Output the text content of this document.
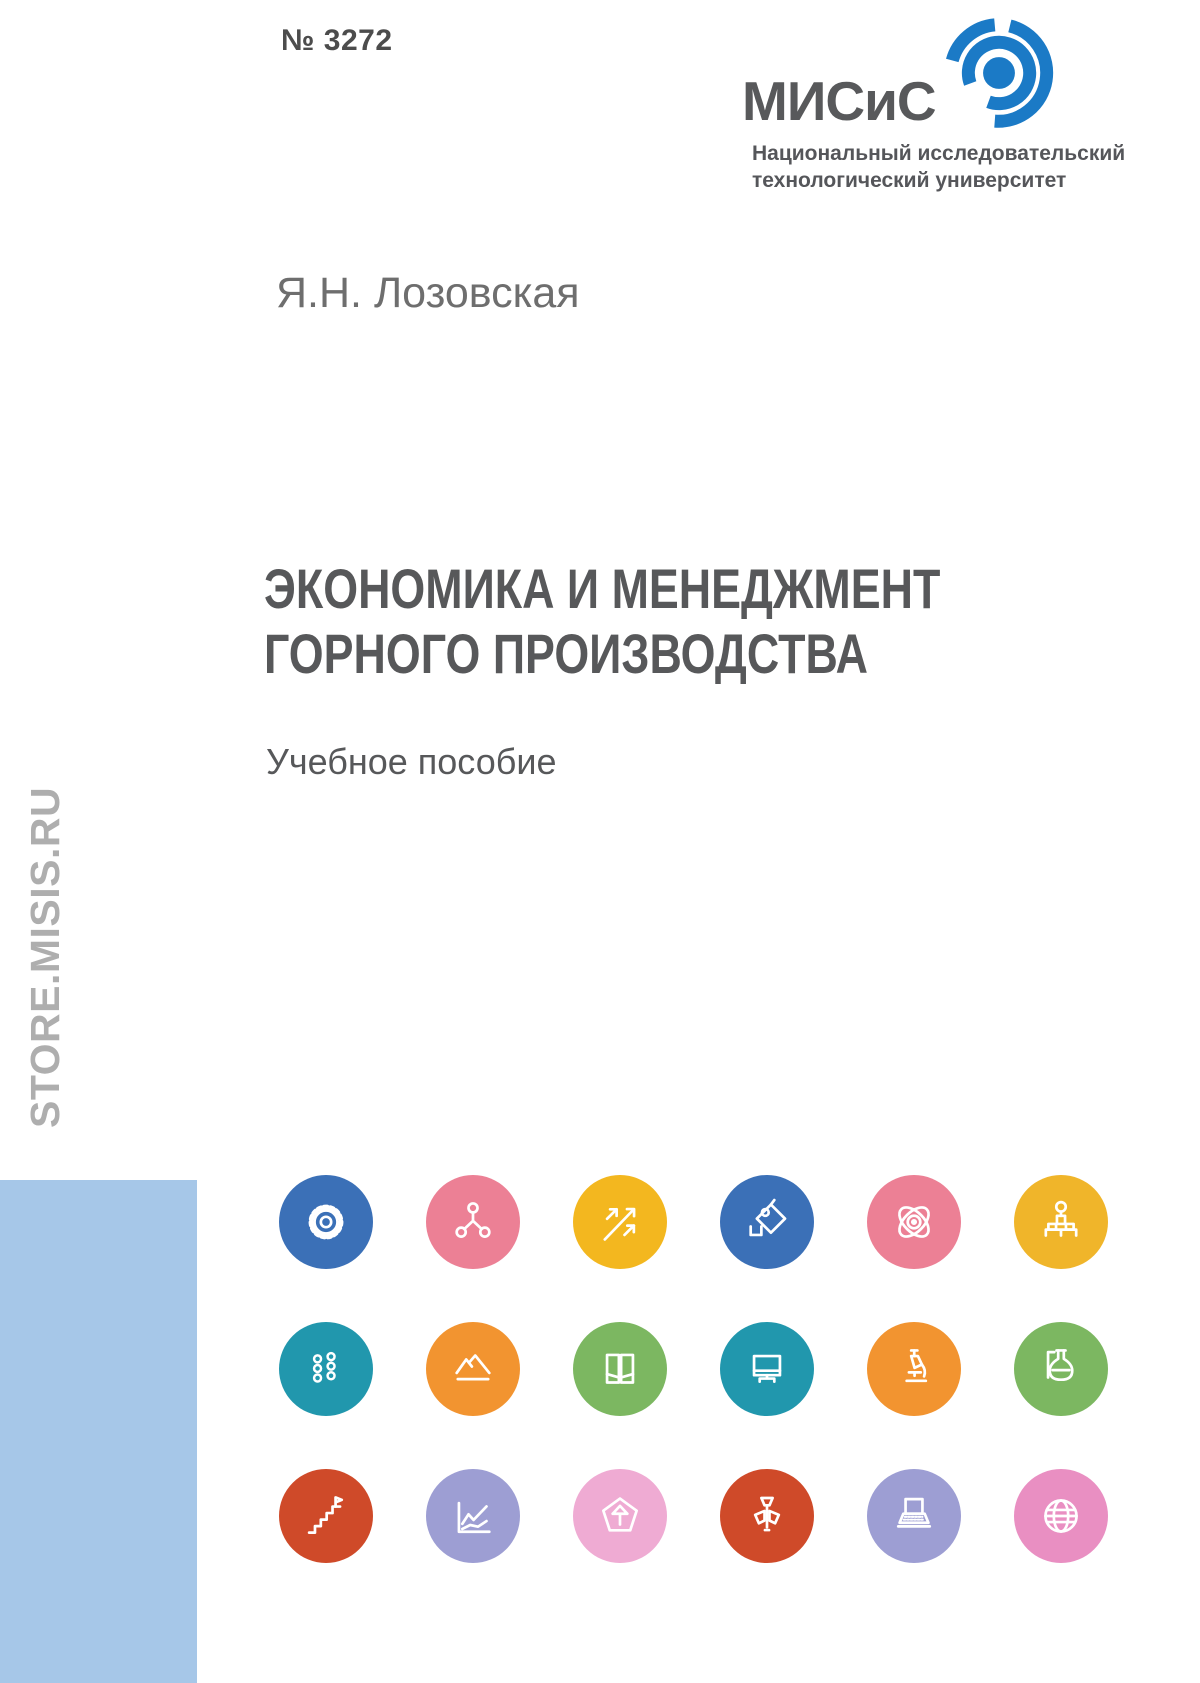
№ 3272
МИСиС
Национальный исследовательский
технологический университет
Я.Н. Лозовская
ЭКОНОМИКА И МЕНЕДЖМЕНТ
ГОРНОГО ПРОИЗВОДСТВА
Учебное пособие
STORE.MISIS.RU
